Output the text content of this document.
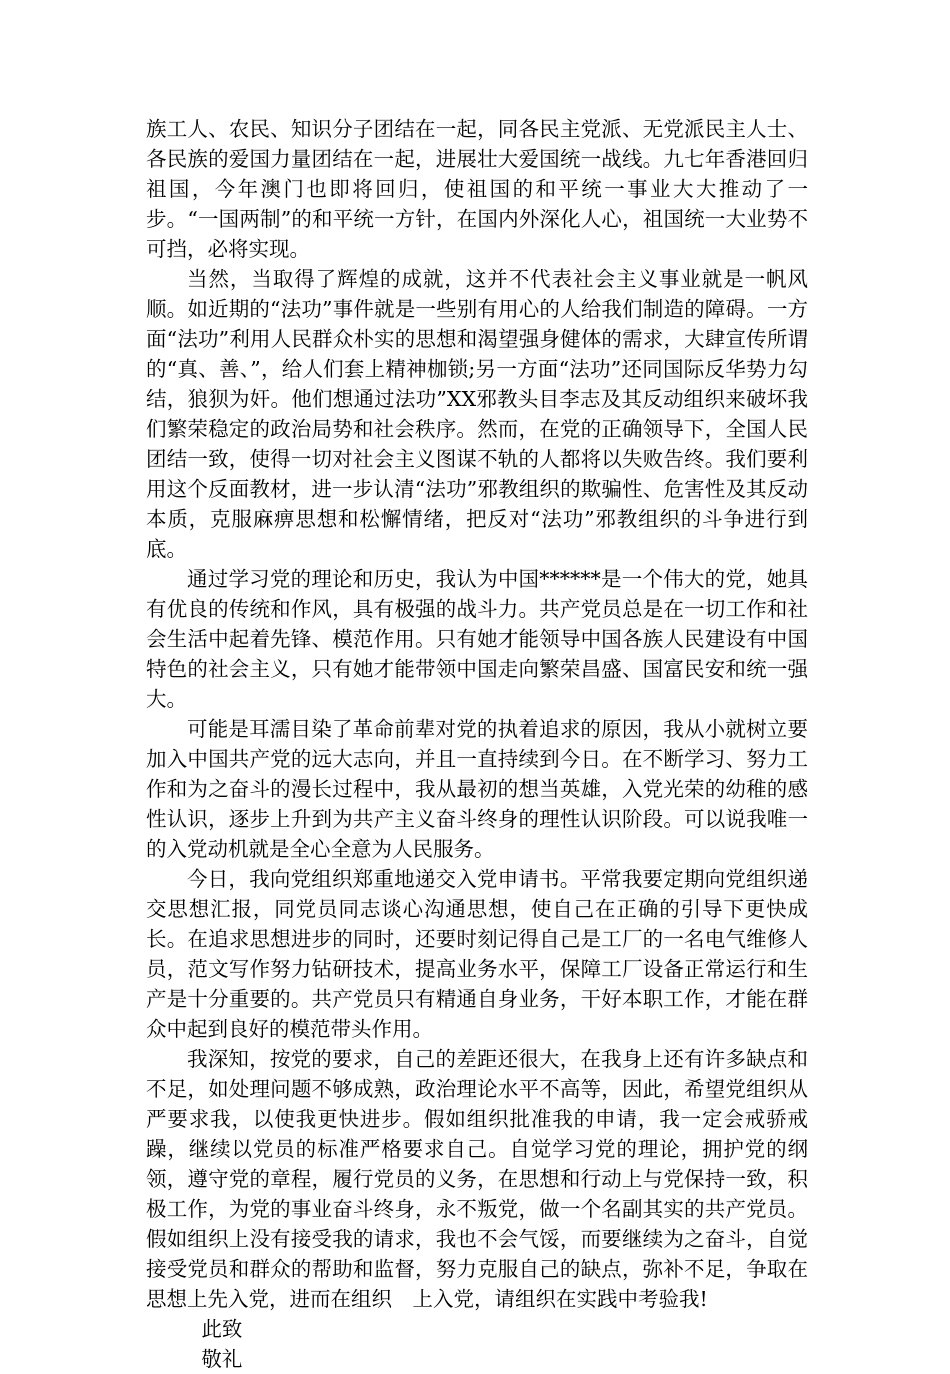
族工人、农民、知识分子团结在一起，同各民主党派、无党派民主人士、各民族的爱国力量团结在一起，进展壮大爱国统一战线。九七年香港回归祖国，今年澳门也即将回归，使祖国的和平统一事业大大推动了一步。“一国两制”的和平统一方针，在国内外深化人心，祖国统一大业势不可挡，必将实现。

当然，当取得了辉煌的成就，这并不代表社会主义事业就是一帆风顺。如近期的“法功”事件就是一些别有用心的人给我们制造的障碍。一方面“法功”利用人民群众朴实的思想和渴望强身健体的需求，大肆宣传所谓的“真、善、”，给人们套上精神枷锁;另一方面“法功”还同国际反华势力勾结，狼狈为奸。他们想通过法功”XX邪教头目李志及其反动组织来破坏我们繁荣稳定的政治局势和社会秩序。然而，在党的正确领导下，全国人民团结一致，使得一切对社会主义图谋不轨的人都将以失败告终。我们要利用这个反面教材，进一步认清“法功”邪教组织的欺骗性、危害性及其反动本质，克服麻痹思想和松懈情绪，把反对“法功”邪教组织的斗争进行到底。

通过学习党的理论和历史，我认为中国******是一个伟大的党，她具有优良的传统和作风，具有极强的战斗力。共产党员总是在一切工作和社会生活中起着先锋、模范作用。只有她才能领导中国各族人民建设有中国特色的社会主义，只有她才能带领中国走向繁荣昌盛、国富民安和统一强大。

可能是耳濡目染了革命前辈对党的执着追求的原因，我从小就树立要加入中国共产党的远大志向，并且一直持续到今日。在不断学习、努力工作和为之奋斗的漫长过程中，我从最初的想当英雄，入党光荣的幼稚的感性认识，逐步上升到为共产主义奋斗终身的理性认识阶段。可以说我唯一的入党动机就是全心全意为人民服务。

今日，我向党组织郑重地递交入党申请书。平常我要定期向党组织递交思想汇报，同党员同志谈心沟通思想，使自己在正确的引导下更快成长。在追求思想进步的同时，还要时刻记得自己是工厂的一名电气维修人员，范文写作努力钻研技术，提高业务水平，保障工厂设备正常运行和生产是十分重要的。共产党员只有精通自身业务，干好本职工作，才能在群众中起到良好的模范带头作用。

我深知，按党的要求，自己的差距还很大，在我身上还有许多缺点和不足，如处理问题不够成熟，政治理论水平不高等，因此，希望党组织从严要求我，以使我更快进步。假如组织批准我的申请，我一定会戒骄戒躁，继续以党员的标准严格要求自己。自觉学习党的理论，拥护党的纲领，遵守党的章程，履行党员的义务，在思想和行动上与党保持一致，积极工作，为党的事业奋斗终身，永不叛党，做一个名副其实的共产党员。假如组织上没有接受我的请求，我也不会气馁，而要继续为之奋斗，自觉接受党员和群众的帮助和监督，努力克服自己的缺点，弥补不足，争取在思想上先入党，进而在组织　上入党，请组织在实践中考验我!

此致

敬礼
